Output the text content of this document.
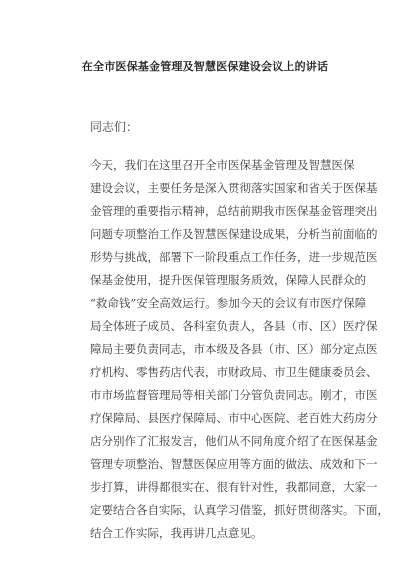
在全市医保基金管理及智慧医保建设会议上的讲话
同志们：
今天，我们在这里召开全市医保基金管理及智慧医保
建设会议，主要任务是深入贯彻落实国家和省关于医保基
金管理的重要指示精神，总结前期我市医保基金管理突出
问题专项整治工作及智慧医保建设成果，分析当前面临的
形势与挑战，部署下一阶段重点工作任务，进一步规范医
保基金使用，提升医保管理服务质效，保障人民群众的
“救命钱”安全高效运行。参加今天的会议有市医疗保障
局全体班子成员、各科室负责人，各县（市、区）医疗保
障局主要负责同志，市本级及各县（市、区）部分定点医
疗机构、零售药店代表，市财政局、市卫生健康委员会、
市市场监督管理局等相关部门分管负责同志。刚才，市医
疗保障局、县医疗保障局、市中心医院、老百姓大药房分
店分别作了汇报发言，他们从不同角度介绍了在医保基金
管理专项整治、智慧医保应用等方面的做法、成效和下一
步打算，讲得都很实在、很有针对性，我都同意，大家一
定要结合各自实际，认真学习借鉴，抓好贯彻落实。下面，
结合工作实际，我再讲几点意见。
